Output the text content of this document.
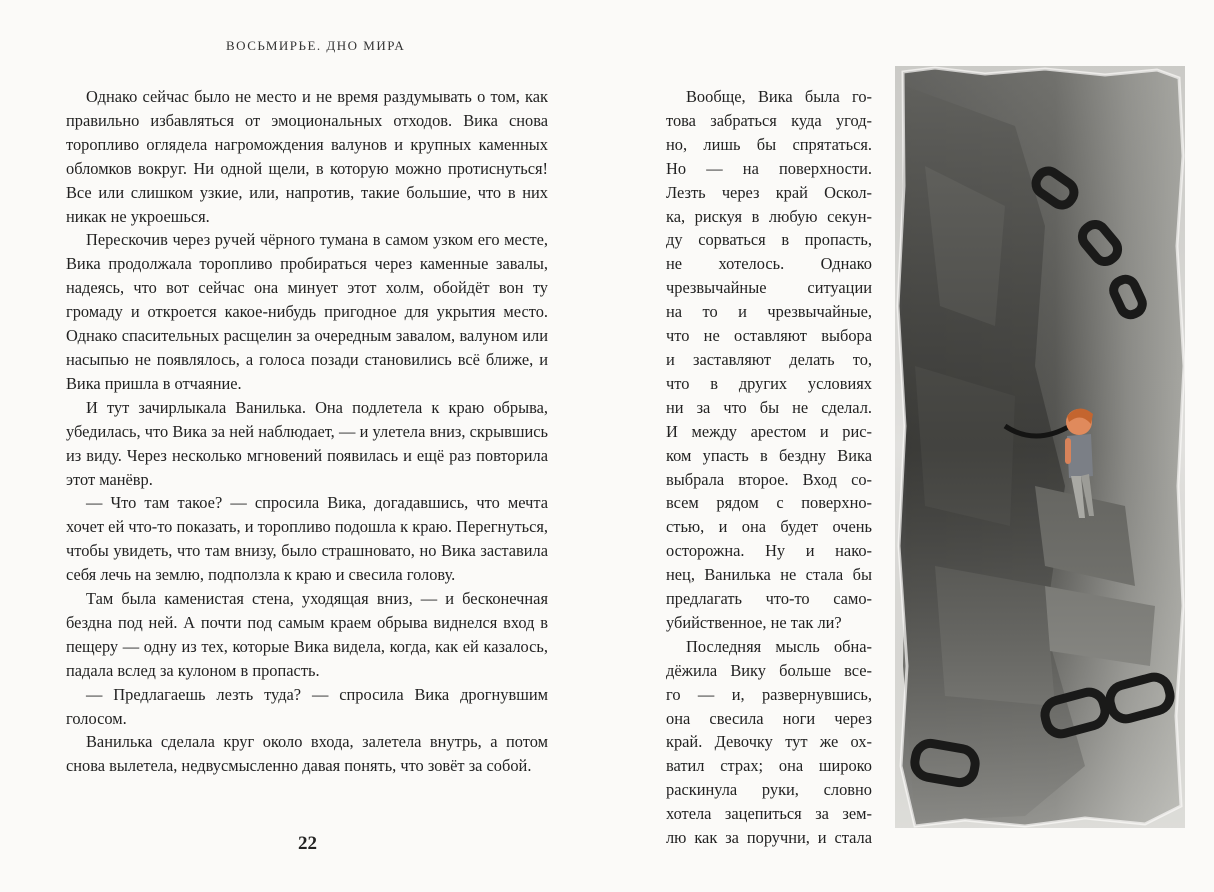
ВОСЬМИРЬЕ. ДНО МИРА

Однако сейчас было не место и не время раздумывать о том, как правильно избавляться от эмоциональных отходов. Вика снова торопливо оглядела нагромождения валунов и крупных каменных обломков вокруг. Ни одной щели, в которую можно протиснуться! Все или слишком узкие, или, напротив, такие большие, что в них никак не укроешься.

Перескочив через ручей чёрного тумана в самом узком его месте, Вика продолжала торопливо пробираться через каменные завалы, надеясь, что вот сейчас она минует этот холм, обойдёт вон ту громаду и откроется какое-нибудь пригодное для укрытия место. Однако спасительных расщелин за очередным завалом, валуном или насыпью не появлялось, а голоса позади становились всё ближе, и Вика пришла в отчаяние.

И тут зачирлыкала Ванилька. Она подлетела к краю обрыва, убедилась, что Вика за ней наблюдает, — и улетела вниз, скрывшись из виду. Через несколько мгновений появилась и ещё раз повторила этот манёвр.

— Что там такое? — спросила Вика, догадавшись, что мечта хочет ей что-то показать, и торопливо подошла к краю. Перегнуться, чтобы увидеть, что там внизу, было страшновато, но Вика заставила себя лечь на землю, подползла к краю и свесила голову.

Там была каменистая стена, уходящая вниз, — и бесконечная бездна под ней. А почти под самым краем обрыва виднелся вход в пещеру — одну из тех, которые Вика видела, когда, как ей казалось, падала вслед за кулоном в пропасть.

— Предлагаешь лезть туда? — спросила Вика дрогнувшим голосом.

Ванилька сделала круг около входа, залетела внутрь, а потом снова вылетела, недвусмысленно давая понять, что зовёт за собой.

22
Вообще, Вика была го-
това забраться куда угод-
но, лишь бы спрятаться.
Но — на поверхности.
Лезть через край Оскол-
ка, рискуя в любую секун-
ду сорваться в пропасть,
не хотелось. Однако
чрезвычайные ситуации
на то и чрезвычайные,
что не оставляют выбора
и заставляют делать то,
что в других условиях
ни за что бы не сделал.
И между арестом и рис-
ком упасть в бездну Вика
выбрала второе. Вход со-
всем рядом с поверхно-
стью, и она будет очень
осторожна. Ну и нако-
нец, Ванилька не стала бы
предлагать что-то само-
убийственное, не так ли?
Последняя мысль обна-
дёжила Вику больше все-
го — и, развернувшись,
она свесила ноги через
край. Девочку тут же ох-
ватил страх; она широко
раскинула руки, словно
хотела зацепиться за зем-
лю как за поручни, и стала
